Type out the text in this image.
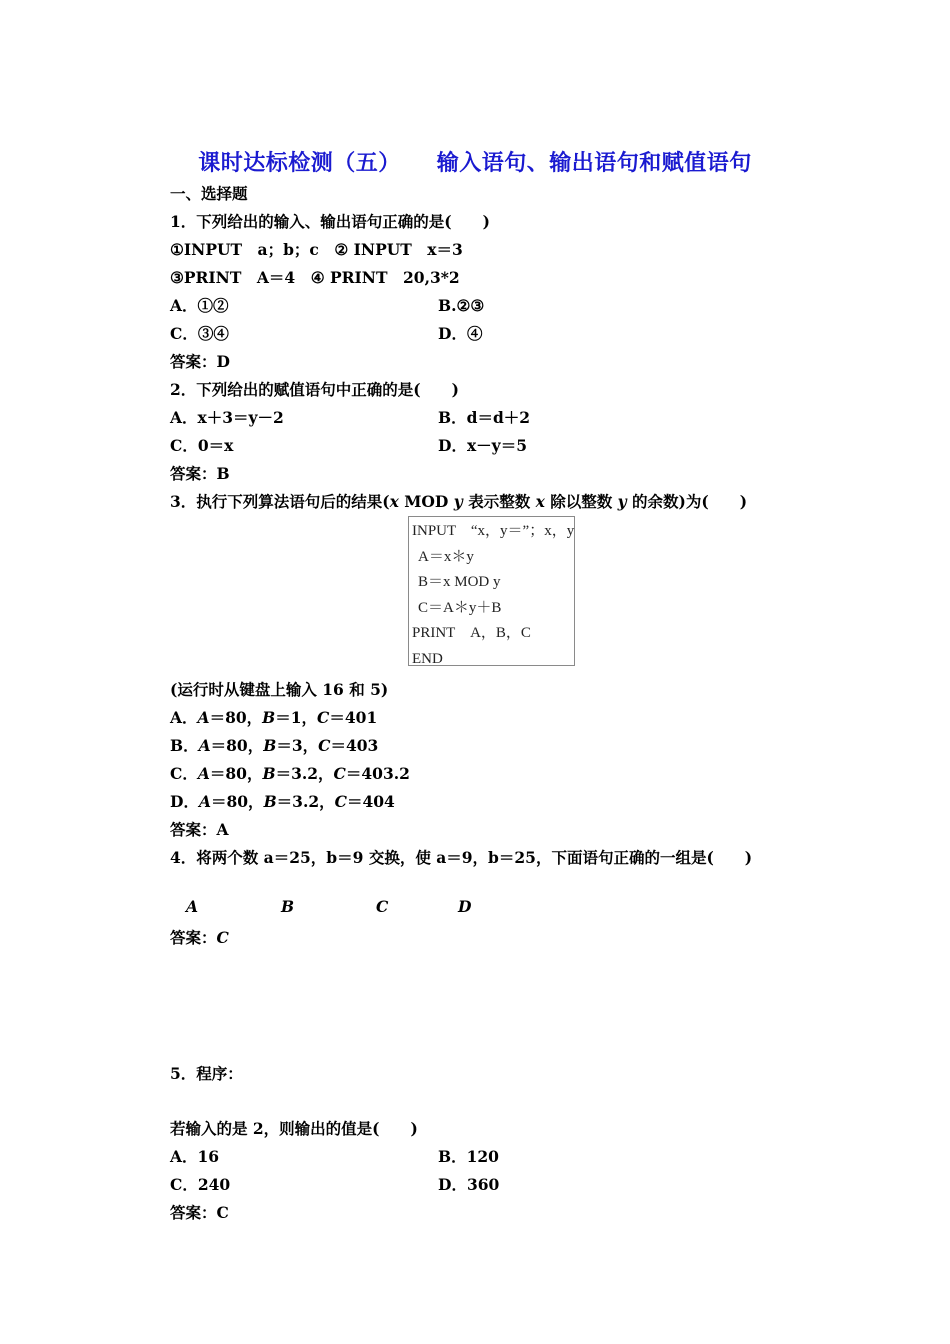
课时达标检测（五） 输入语句、输出语句和赋值语句
一、选择题
1．下列给出的输入、输出语句正确的是(　　)
①INPUT　a；b；c　 ② INPUT　x＝3
③PRINT　A＝4　 ④ PRINT　20,3*2
A．①②	B.②③
C．③④	D．④
答案：D
2．下列给出的赋值语句中正确的是(　　)
A．x＋3＝y－2	B．d＝d＋2
C．0＝x	D．x－y＝5
答案：B
3．执行下列算法语句后的结果(x MOD y 表示整数 x 除以整数 y 的余数)为(　　)
INPUT　“x，y＝”；x，y
A＝x＊y
B＝x MOD y
C＝A＊y＋B
PRINT　A，B，C
END
(运行时从键盘上输入 16 和 5)
A．A＝80，B＝1，C＝401
B．A＝80，B＝3，C＝403
C．A＝80，B＝3.2，C＝403.2
D．A＝80，B＝3.2，C＝404
答案：A
4．将两个数 a＝25，b＝9 交换，使 a＝9，b＝25，下面语句正确的一组是(　　)
A	B	C	D
答案：C
5．程序：
若输入的是 2，则输出的值是(　　)
A．16	B．120
C．240	D．360
答案：C
